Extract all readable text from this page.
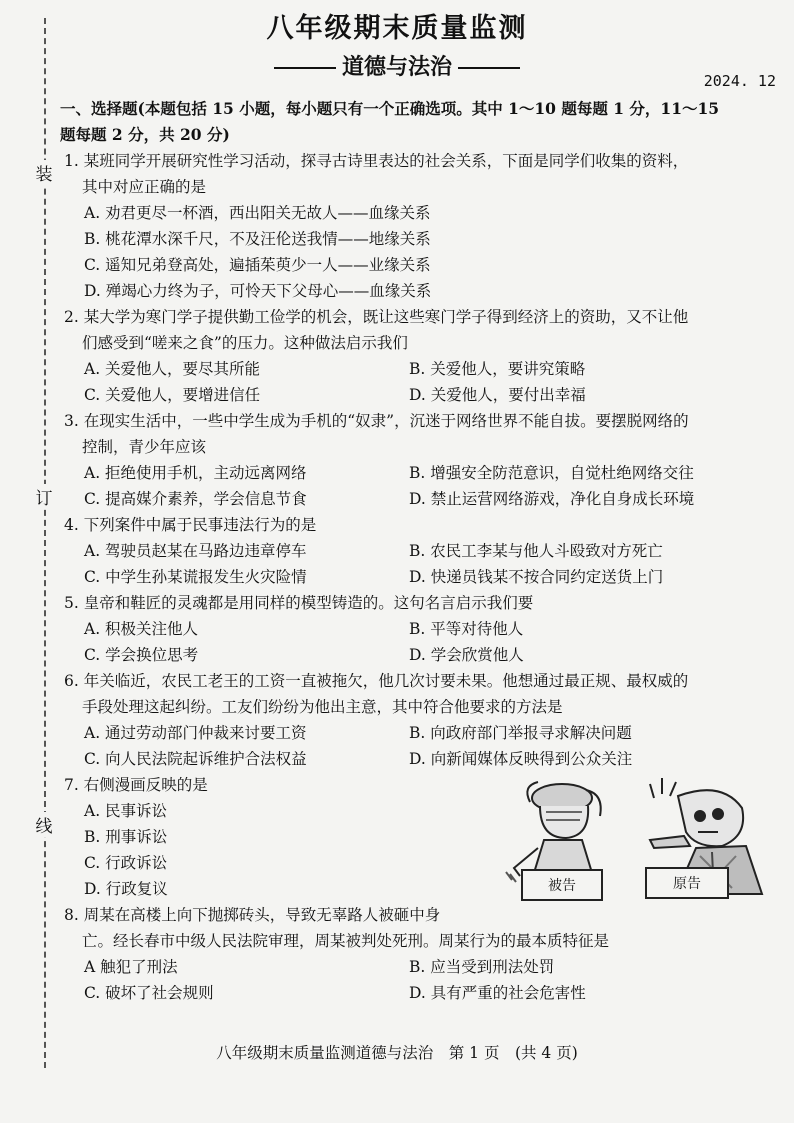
装
订
线
八年级期末质量监测
道德与法治
2024. 1​2
一、选择题(本题包括 15 小题，每小题只有一个正确选项。其中 1～10 题每题 1 分，11～15
题每题 2 分，共 20 分)
1. 某班同学开展研究性学习活动，探寻古诗里表达的社会关系，下面是同学们收集的资料，
其中对应正确的是
A. 劝君更尽一杯酒，西出阳关无故人——血缘关系
B. 桃花潭水深千尺，不及汪伦送我情——地缘关系
C. 遥知兄弟登高处，遍插茱萸少一人——业缘关系
D. 殚竭心力终为子，可怜天下父母心——血缘关系
2. 某大学为寒门学子提供勤工俭学的机会，既让这些寒门学子得到经济上的资助，又不让他
们感受到“嗟来之食”的压力。这种做法启示我们
A. 关爱他人，要尽其所能	B. 关爱他人，要讲究策略
C. 关爱他人，要增进信任	D. 关爱他人，要付出幸福
3. 在现实生活中，一些中学生成为手机的“奴隶”，沉迷于网络世界不能自拔。要摆脱网络的
控制，青少年应该
A. 拒绝使用手机，主动远离网络	B. 增强安全防范意识，自觉杜绝网络交往
C. 提高媒介素养，学会信息节食	D. 禁止运营网络游戏，净化自身成长环境
4. 下列案件中属于民事违法行为的是
A. 驾驶员赵某在马路边违章停车	B. 农民工李某与他人斗殴致对方死亡
C. 中学生孙某谎报发生火灾险情	D. 快递员钱某不按合同约定送货上门
5. 皇帝和鞋匠的灵魂都是用同样的模型铸造的。这句名言启示我们要
A. 积极关注他人	B. 平等对待他人
C. 学会换位思考	D. 学会欣赏他人
6. 年关临近，农民工老王的工资一直被拖欠，他几次讨要未果。他想通过最正规、最权威的
手段处理这起纠纷。工友们纷纷为他出主意，其中符合他要求的方法是
A. 通过劳动部门仲裁来讨要工资	B. 向政府部门举报寻求解决问题
C. 向人民法院起诉维护合法权益	D. 向新闻媒体反映得到公众关注
7. 右侧漫画反映的是
A. 民事诉讼
B. 刑事诉讼
C. 行政诉讼
D. 行政复议
8. 周某在高楼上向下抛掷砖头，导致无辜路人被砸中身
被告	原告
亡。经长春市中级人民法院审理，周某被判处死刑。周某行为的最本质特征是
A 触犯了刑法	B. 应当受到刑法处罚
C. 破坏了社会规则	D. 具有严重的社会危害性
八年级期末质量监测道德与法治　第 1 页　(共 4 页)
